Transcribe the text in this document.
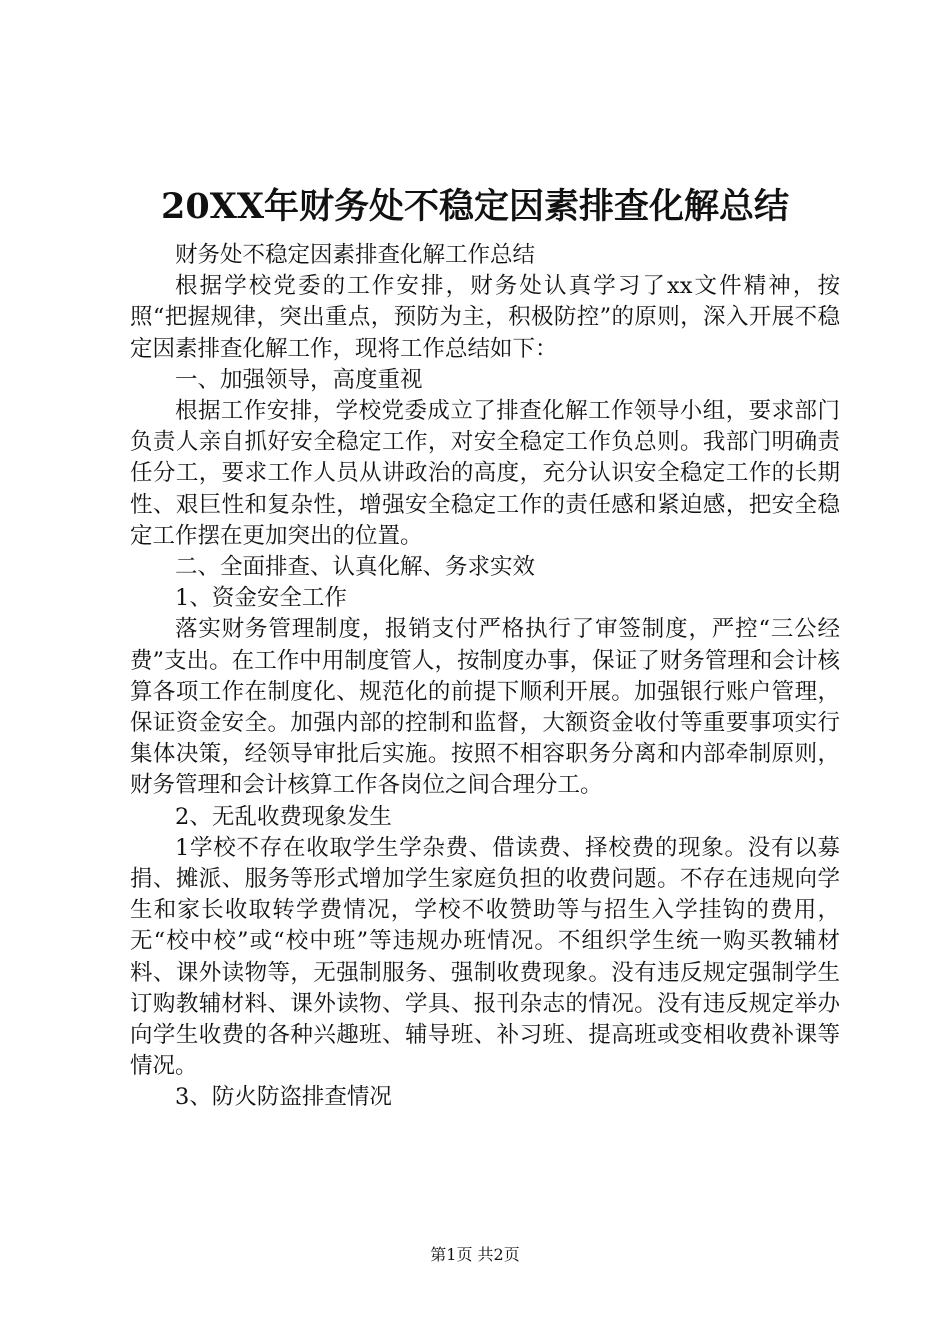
20XX年财务处不稳定因素排查化解总结

财务处不稳定因素排查化解工作总结

根据学校党委的工作安排，财务处认真学习了xx文件精神，按照“把握规律，突出重点，预防为主，积极防控”的原则，深入开展不稳定因素排查化解工作，现将工作总结如下：

一、加强领导，高度重视

根据工作安排，学校党委成立了排查化解工作领导小组，要求部门负责人亲自抓好安全稳定工作，对安全稳定工作负总则。我部门明确责任分工，要求工作人员从讲政治的高度，充分认识安全稳定工作的长期性、艰巨性和复杂性，增强安全稳定工作的责任感和紧迫感，把安全稳定工作摆在更加突出的位置。

二、全面排查、认真化解、务求实效

1、资金安全工作

落实财务管理制度，报销支付严格执行了审签制度，严控“三公经费”支出。在工作中用制度管人，按制度办事，保证了财务管理和会计核算各项工作在制度化、规范化的前提下顺利开展。加强银行账户管理，保证资金安全。加强内部的控制和监督，大额资金收付等重要事项实行集体决策，经领导审批后实施。按照不相容职务分离和内部牵制原则，财务管理和会计核算工作各岗位之间合理分工。

2、无乱收费现象发生

1学校不存在收取学生学杂费、借读费、择校费的现象。没有以募捐、摊派、服务等形式增加学生家庭负担的收费问题。不存在违规向学生和家长收取转学费情况，学校不收赞助等与招生入学挂钩的费用，无“校中校”或“校中班”等违规办班情况。不组织学生统一购买教辅材料、课外读物等，无强制服务、强制收费现象。没有违反规定强制学生订购教辅材料、课外读物、学具、报刊杂志的情况。没有违反规定举办向学生收费的各种兴趣班、辅导班、补习班、提高班或变相收费补课等情况。

3、防火防盗排查情况

第1页 共2页
